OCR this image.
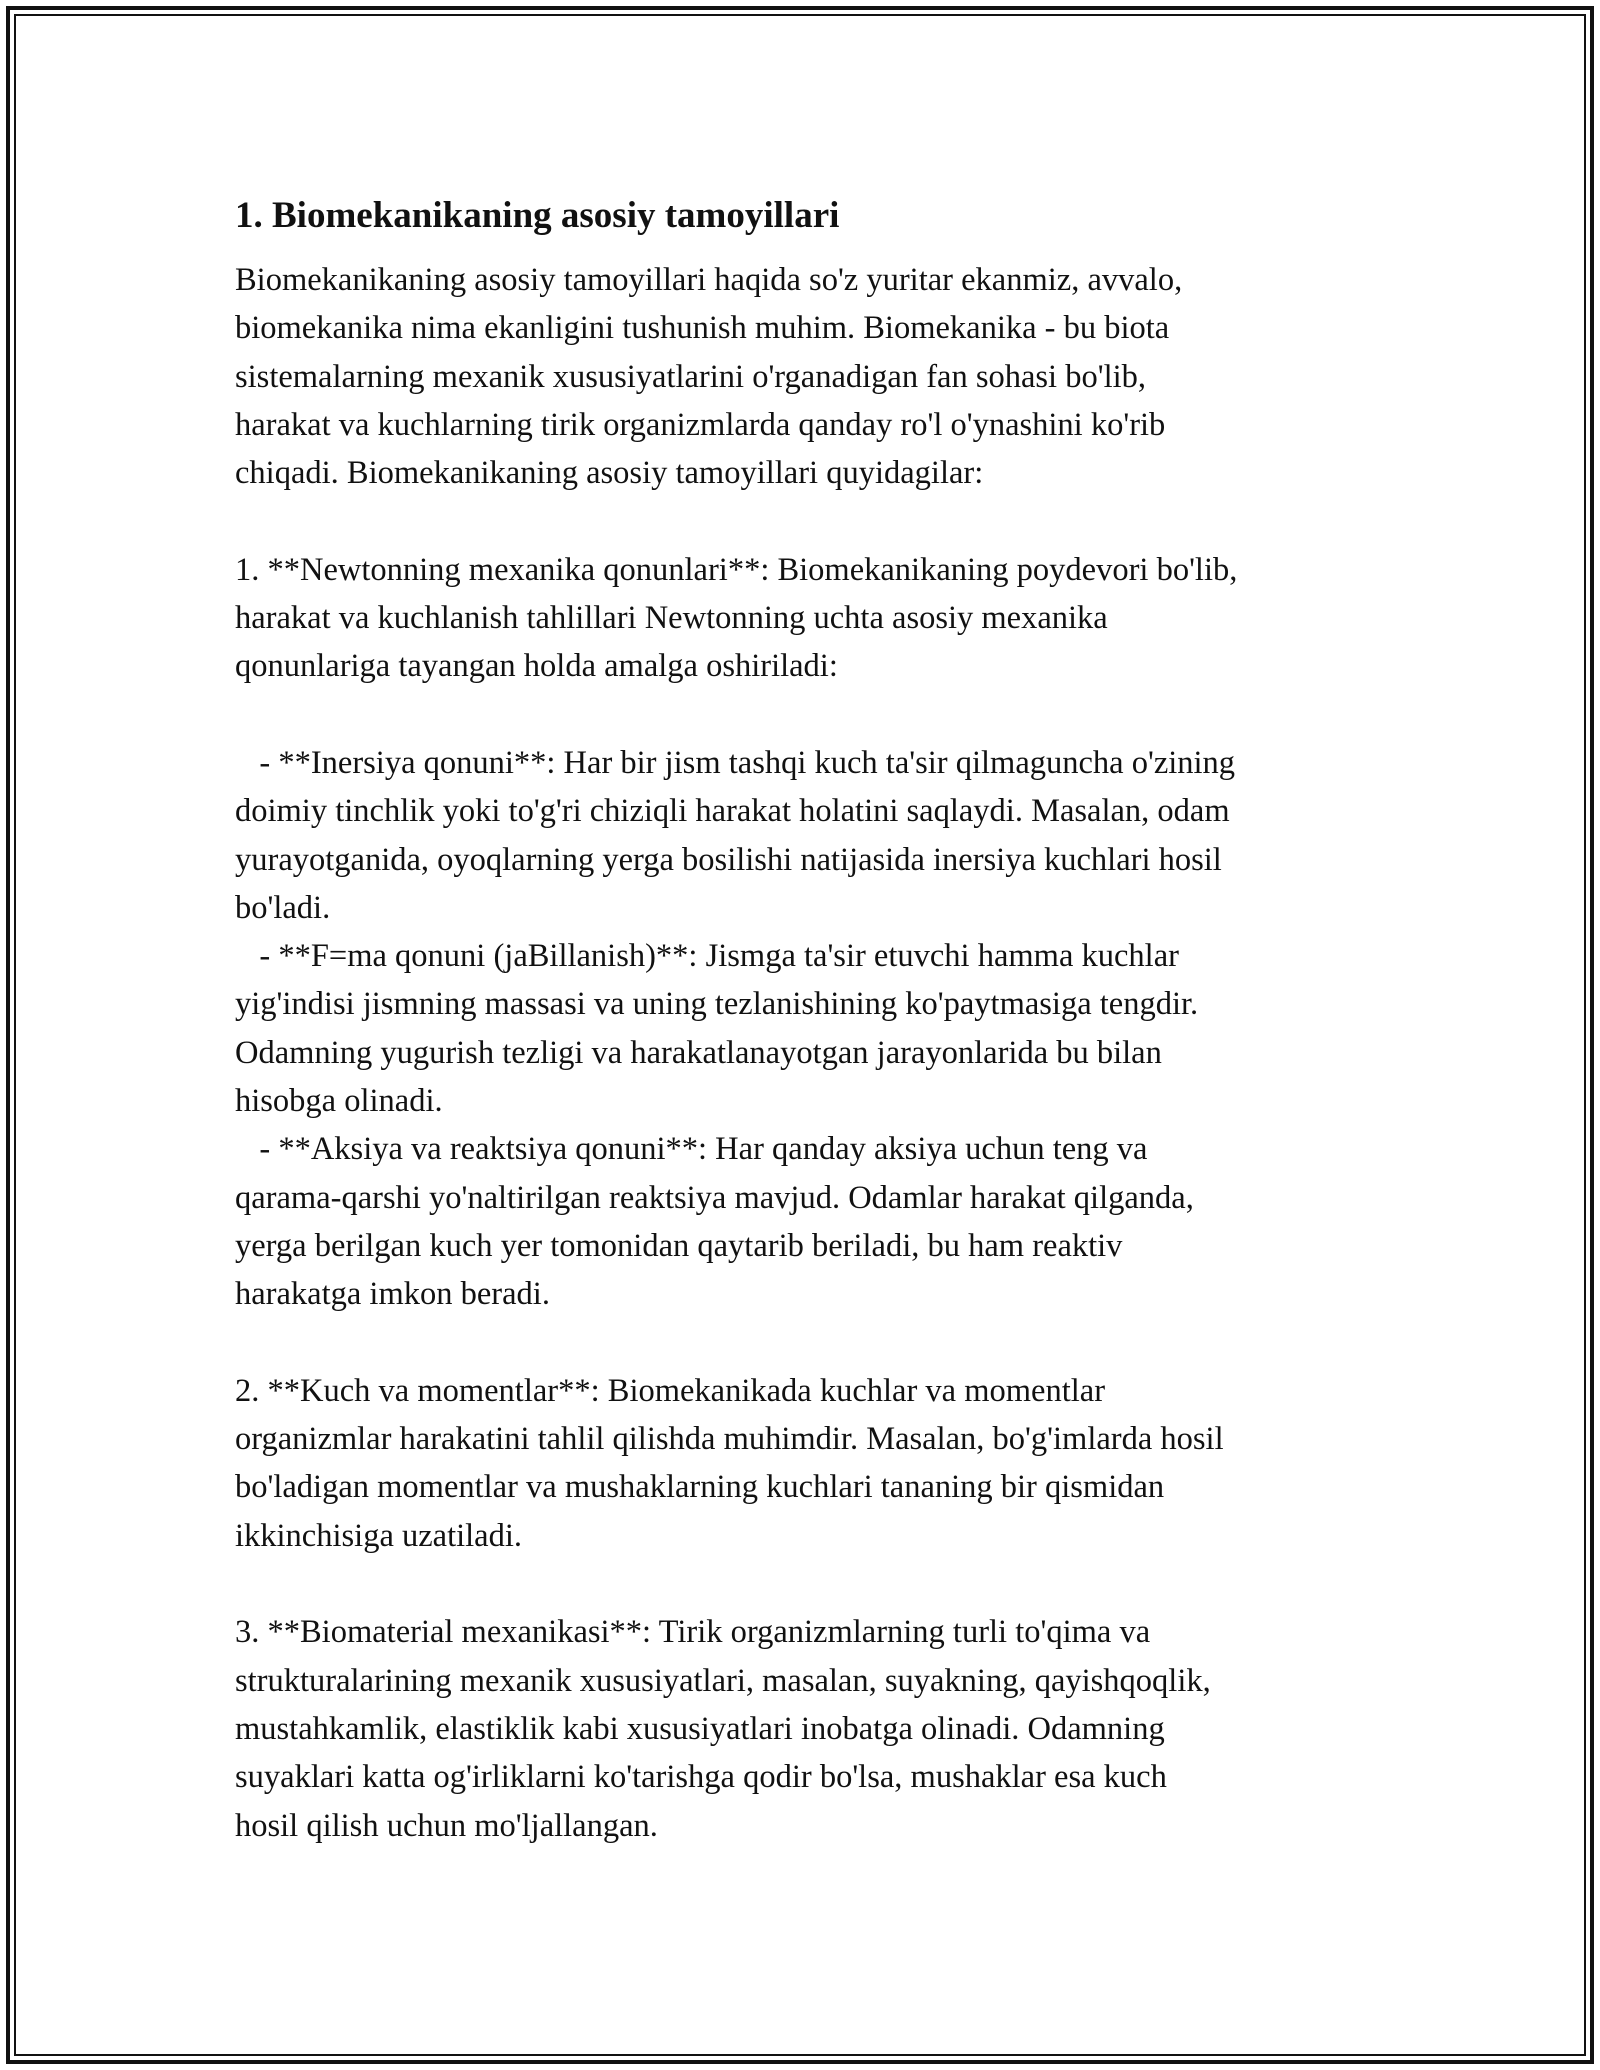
1. Biomekanikaning asosiy tamoyillari
Biomekanikaning asosiy tamoyillari haqida so'z yuritar ekanmiz, avvalo,
biomekanika nima ekanligini tushunish muhim. Biomekanika - bu biota
sistemalarning mexanik xususiyatlarini o'rganadigan fan sohasi bo'lib,
harakat va kuchlarning tirik organizmlarda qanday ro'l o'ynashini ko'rib
chiqadi. Biomekanikaning asosiy tamoyillari quyidagilar:

1. **Newtonning mexanika qonunlari**: Biomekanikaning poydevori bo'lib,
harakat va kuchlanish tahlillari Newtonning uchta asosiy mexanika
qonunlariga tayangan holda amalga oshiriladi:

- **Inersiya qonuni**: Har bir jism tashqi kuch ta'sir qilmaguncha o'zining
doimiy tinchlik yoki to'g'ri chiziqli harakat holatini saqlaydi. Masalan, odam
yurayotganida, oyoqlarning yerga bosilishi natijasida inersiya kuchlari hosil
bo'ladi.
- **F=ma qonuni (jaBillanish)**: Jismga ta'sir etuvchi hamma kuchlar
yig'indisi jismning massasi va uning tezlanishining ko'paytmasiga tengdir.
Odamning yugurish tezligi va harakatlanayotgan jarayonlarida bu bilan
hisobga olinadi.
- **Aksiya va reaktsiya qonuni**: Har qanday aksiya uchun teng va
qarama-qarshi yo'naltirilgan reaktsiya mavjud. Odamlar harakat qilganda,
yerga berilgan kuch yer tomonidan qaytarib beriladi, bu ham reaktiv
harakatga imkon beradi.

2. **Kuch va momentlar**: Biomekanikada kuchlar va momentlar
organizmlar harakatini tahlil qilishda muhimdir. Masalan, bo'g'imlarda hosil
bo'ladigan momentlar va mushaklarning kuchlari tananing bir qismidan
ikkinchisiga uzatiladi.

3. **Biomaterial mexanikasi**: Tirik organizmlarning turli to'qima va
strukturalarining mexanik xususiyatlari, masalan, suyakning, qayishqoqlik,
mustahkamlik, elastiklik kabi xususiyatlari inobatga olinadi. Odamning
suyaklari katta og'irliklarni ko'tarishga qodir bo'lsa, mushaklar esa kuch
hosil qilish uchun mo'ljallangan.
